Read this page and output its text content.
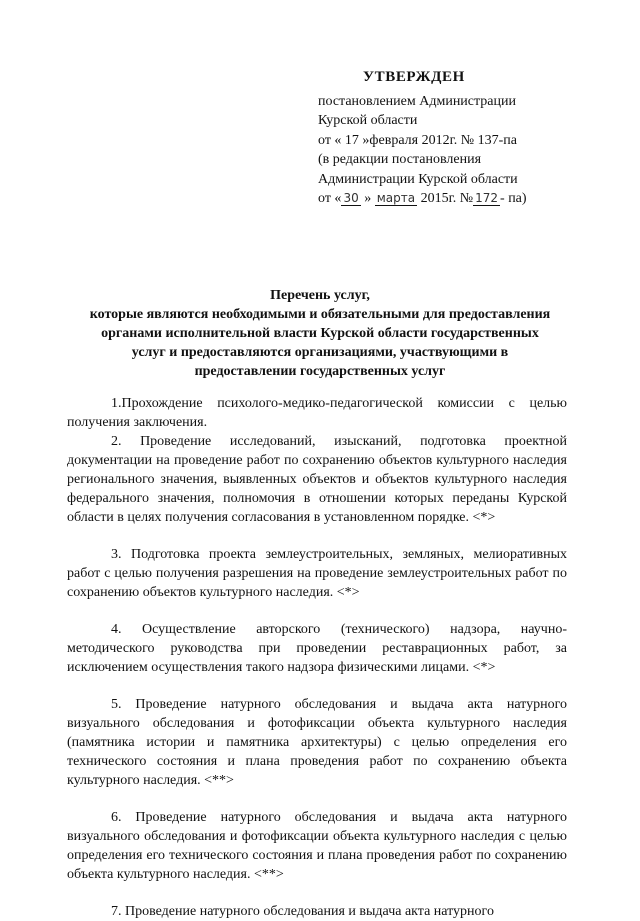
УТВЕРЖДЕН
постановлением Администрации
Курской области
от « 17 »февраля 2012г. № 137-па
(в редакции постановления
Администрации Курской области
от « 30 » марта 2015г. № 172 - па)
Перечень услуг,
которые являются необходимыми и обязательными для предоставления
органами исполнительной власти Курской области государственных
услуг и предоставляются организациями, участвующими в
предоставлении государственных услуг

1.Прохождение психолого-медико-педагогической комиссии с целью получения заключения.

2. Проведение исследований, изысканий, подготовка проектной документации на проведение работ по сохранению объектов культурного наследия регионального значения, выявленных объектов и объектов культурного наследия федерального значения, полномочия в отношении которых переданы Курской области в целях получения согласования в установленном порядке. <*>

3. Подготовка проекта землеустроительных, земляных, мелиоративных работ с целью получения разрешения на проведение землеустроительных работ по сохранению объектов культурного наследия. <*>

4. Осуществление авторского (технического) надзора, научно-методического руководства при проведении реставрационных работ, за исключением осуществления такого надзора физическими лицами. <*>

5. Проведение натурного обследования и выдача акта натурного визуального обследования и фотофиксации объекта культурного наследия (памятника истории и памятника архитектуры) с целью определения его технического состояния и плана проведения работ по сохранению объекта культурного наследия. <**>

6. Проведение натурного обследования и выдача акта натурного визуального обследования и фотофиксации объекта культурного наследия с целью определения его технического состояния и плана проведения работ по сохранению объекта культурного наследия. <**>

7. Проведение натурного обследования и выдача акта натурного
